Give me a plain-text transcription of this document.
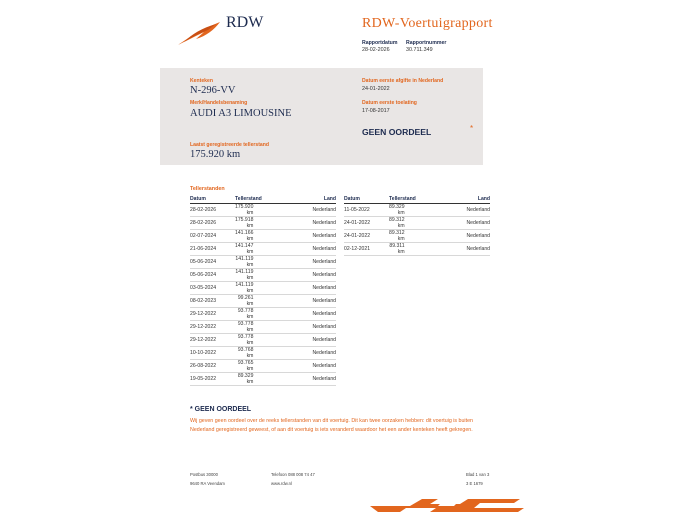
RDW	RDW-Voertuigrapport
Rapportdatum
28-02-2026
Rapportnummer
30.711.349
Kenteken
N-296-VV
Merk/Handelsbenaming
AUDI A3 LIMOUSINE
Laatst geregistreerde tellerstand
175.920 km
Datum eerste afgifte in Nederland
24-01-2022
Datum eerste toelating
17-08-2017
GEEN OORDEEL	*
Tellerstanden
Datum	Tellerstand	Land
28-02-2026	175.920 km	Nederland
28-02-2026	175.918 km	Nederland
02-07-2024	141.166 km	Nederland
21-06-2024	141.147 km	Nederland
05-06-2024	141.119 km	Nederland
05-06-2024	141.119 km	Nederland
03-05-2024	141.119 km	Nederland
08-02-2023	99.261 km	Nederland
29-12-2022	93.778 km	Nederland
29-12-2022	93.778 km	Nederland
29-12-2022	93.778 km	Nederland
10-10-2022	93.768 km	Nederland
26-08-2022	93.765 km	Nederland
19-05-2022	89.329 km	Nederland
Datum	Tellerstand	Land
11-05-2022	89.329 km	Nederland
24-01-2022	89.312 km	Nederland
24-01-2022	89.312 km	Nederland
02-12-2021	89.311 km	Nederland
* GEEN OORDEEL
Wij geven geen oordeel over de reeks tellerstanden van dit voertuig. Dit kan twee oorzaken hebben: dit voertuig is buiten Nederland geregistreerd geweest, of aan dit voertuig is iets veranderd waardoor het een ander kenteken heeft gekregen.
Postbus 30000
9640 RA Veendam
Telefoon 088 008 74 47
www.rdw.nl
Blad 1 van 3
3 E 1679
